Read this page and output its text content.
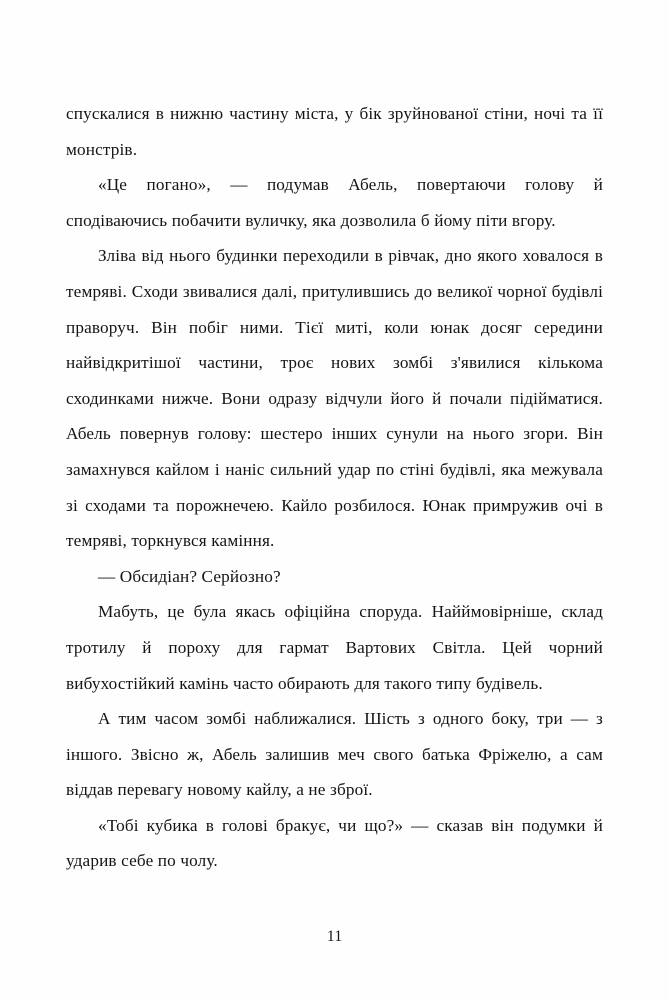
спускалися в нижню частину міста, у бік зруйнованої стіни, ночі та її монстрів.

«Це погано», — подумав Абель, повертаючи голову й сподіваючись побачити вуличку, яка дозволила б йому піти вгору.

Зліва від нього будинки переходили в рівчак, дно якого ховалося в темряві. Сходи звивалися далі, притулившись до великої чорної будівлі праворуч. Він побіг ними. Тієї миті, коли юнак досяг середини найвідкритішої частини, троє нових зомбі з'явилися кількома сходинками нижче. Вони одразу відчули його й почали підійматися. Абель повернув голову: шестеро інших сунули на нього згори. Він замахнувся кайлом і наніс сильний удар по стіні будівлі, яка межувала зі сходами та порожнечею. Кайло розбилося. Юнак примружив очі в темряві, торкнувся каміння.

— Обсидіан? Серйозно?

Мабуть, це була якась офіційна споруда. Найймовірніше, склад тротилу й пороху для гармат Вартових Світла. Цей чорний вибухостійкий камінь часто обирають для такого типу будівель.

А тим часом зомбі наближалися. Шість з одного боку, три — з іншого. Звісно ж, Абель залишив меч свого батька Фріжелю, а сам віддав перевагу новому кайлу, а не зброї.

«Тобі кубика в голові бракує, чи що?» — сказав він подумки й ударив себе по чолу.

11
